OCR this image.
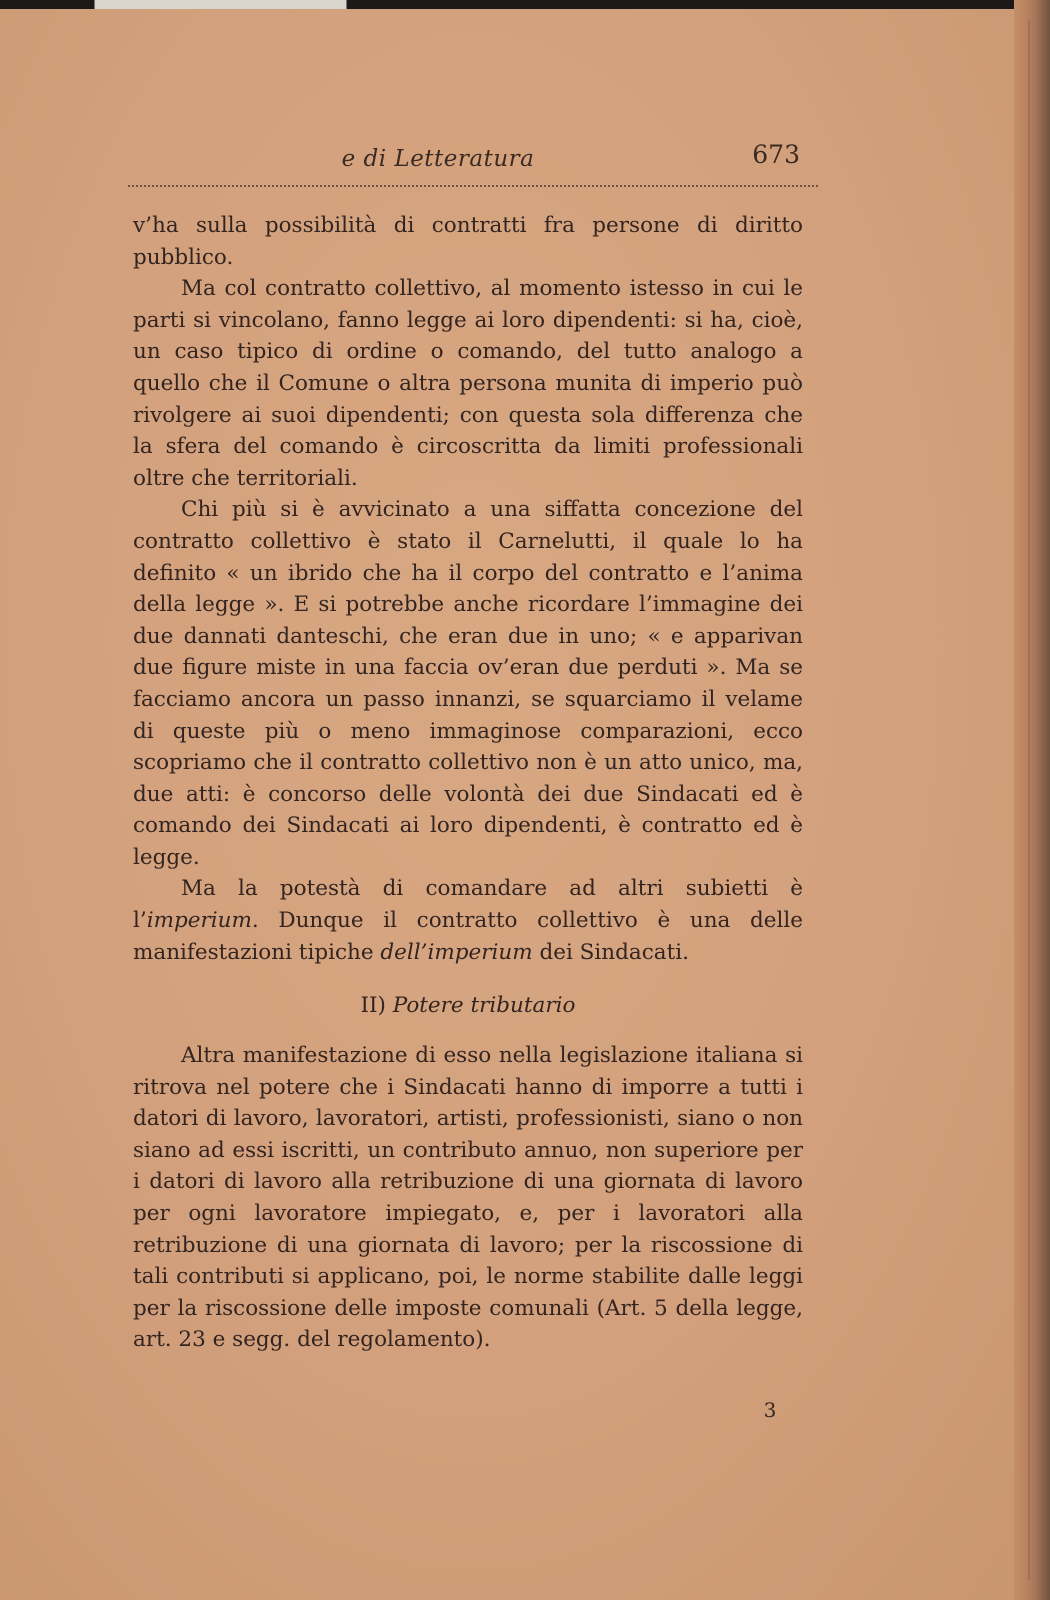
e di Letteratura	673

v’ha sulla possibilità di contratti fra persone di diritto pubblico.

Ma col contratto collettivo, al momento istesso in cui le parti si vincolano, fanno legge ai loro dipendenti: si ha, cioè, un caso tipico di ordine o comando, del tutto analogo a quello che il Comune o altra persona munita di imperio può rivolgere ai suoi dipendenti; con questa sola differenza che la sfera del comando è circoscritta da limiti professionali oltre che territoriali.

Chi più si è avvicinato a una siffatta concezione del contratto collettivo è stato il Carnelutti, il quale lo ha definito « un ibrido che ha il corpo del contratto e l’anima della legge ». E si potrebbe anche ricordare l’immagine dei due dannati danteschi, che eran due in uno; « e apparivan due figure miste in una faccia ov’eran due perduti ». Ma se facciamo ancora un passo innanzi, se squarciamo il velame di queste più o meno immaginose comparazioni, ecco scopriamo che il contratto collettivo non è un atto unico, ma, due atti: è concorso delle volontà dei due Sindacati ed è comando dei Sindacati ai loro dipendenti, è contratto ed è legge.

Ma la potestà di comandare ad altri subietti è l’imperium. Dunque il contratto collettivo è una delle manifestazioni tipiche dell’imperium dei Sindacati.

II) Potere tributario

Altra manifestazione di esso nella legislazione italiana si ritrova nel potere che i Sindacati hanno di imporre a tutti i datori di lavoro, lavoratori, artisti, professionisti, siano o non siano ad essi iscritti, un contributo annuo, non superiore per i datori di lavoro alla retribuzione di una giornata di lavoro per ogni lavoratore impiegato, e, per i lavoratori alla retribuzione di una giornata di lavoro; per la riscossione di tali contributi si applicano, poi, le norme stabilite dalle leggi per la riscossione delle imposte comunali (Art. 5 della legge, art. 23 e segg. del regolamento).

3
